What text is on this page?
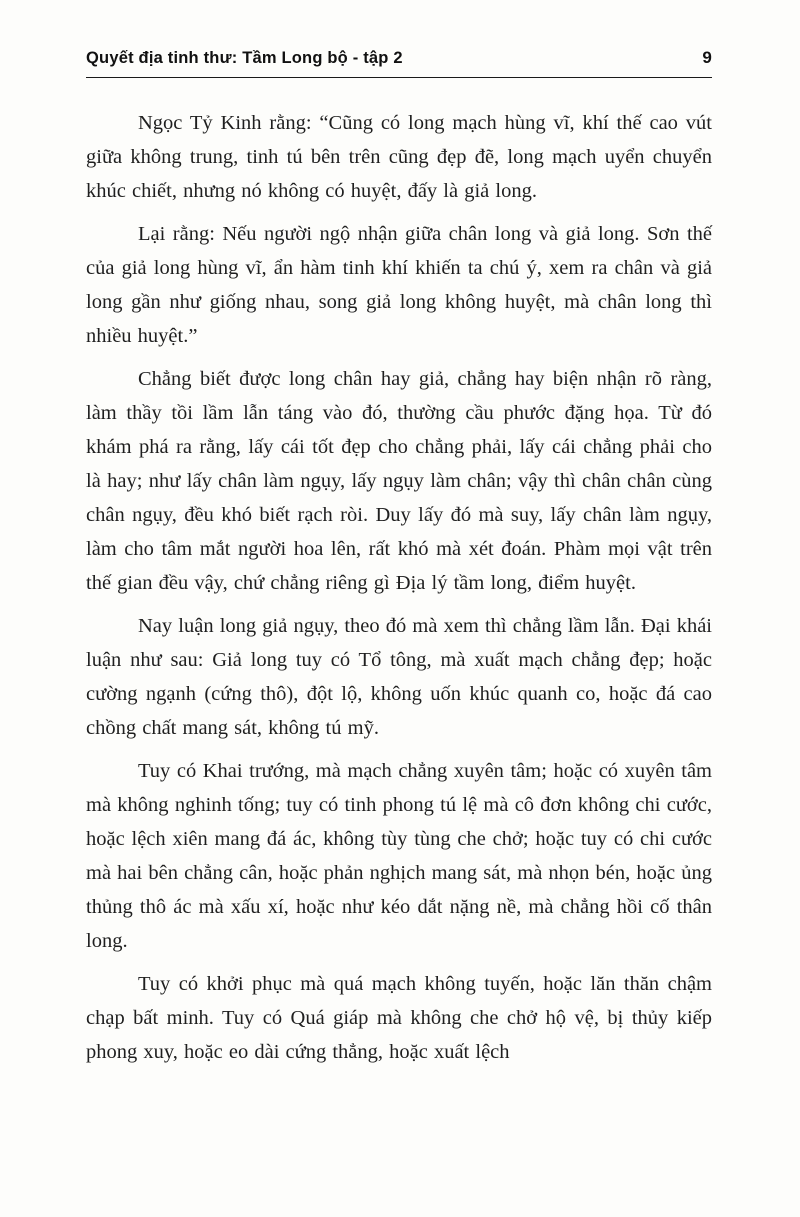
Quyết địa tinh thư: Tầm Long bộ - tập 2	9

Ngọc Tỷ Kinh rằng: “Cũng có long mạch hùng vĩ, khí thế cao vút giữa không trung, tinh tú bên trên cũng đẹp đẽ, long mạch uyển chuyển khúc chiết, nhưng nó không có huyệt, đấy là giả long.

Lại rằng: Nếu người ngộ nhận giữa chân long và giả long. Sơn thế của giả long hùng vĩ, ẩn hàm tinh khí khiến ta chú ý, xem ra chân và giả long gần như giống nhau, song giả long không huyệt, mà chân long thì nhiều huyệt.”

Chẳng biết được long chân hay giả, chẳng hay biện nhận rõ ràng, làm thầy tồi lầm lẫn táng vào đó, thường cầu phước đặng họa. Từ đó khám phá ra rằng, lấy cái tốt đẹp cho chẳng phải, lấy cái chẳng phải cho là hay; như lấy chân làm ngụy, lấy ngụy làm chân; vậy thì chân chân cùng chân ngụy, đều khó biết rạch ròi. Duy lấy đó mà suy, lấy chân làm ngụy, làm cho tâm mắt người hoa lên, rất khó mà xét đoán. Phàm mọi vật trên thế gian đều vậy, chứ chẳng riêng gì Địa lý tầm long, điểm huyệt.

Nay luận long giả ngụy, theo đó mà xem thì chẳng lầm lẫn. Đại khái luận như sau: Giả long tuy có Tổ tông, mà xuất mạch chẳng đẹp; hoặc cường ngạnh (cứng thô), đột lộ, không uốn khúc quanh co, hoặc đá cao chồng chất mang sát, không tú mỹ.

Tuy có Khai trướng, mà mạch chẳng xuyên tâm; hoặc có xuyên tâm mà không nghinh tống; tuy có tinh phong tú lệ mà cô đơn không chi cước, hoặc lệch xiên mang đá ác, không tùy tùng che chở; hoặc tuy có chi cước mà hai bên chẳng cân, hoặc phản nghịch mang sát, mà nhọn bén, hoặc ủng thủng thô ác mà xấu xí, hoặc như kéo dắt nặng nề, mà chẳng hồi cố thân long.

Tuy có khởi phục mà quá mạch không tuyến, hoặc lăn thăn chậm chạp bất minh. Tuy có Quá giáp mà không che chở hộ vệ, bị thủy kiếp phong xuy, hoặc eo dài cứng thẳng, hoặc xuất lệch
